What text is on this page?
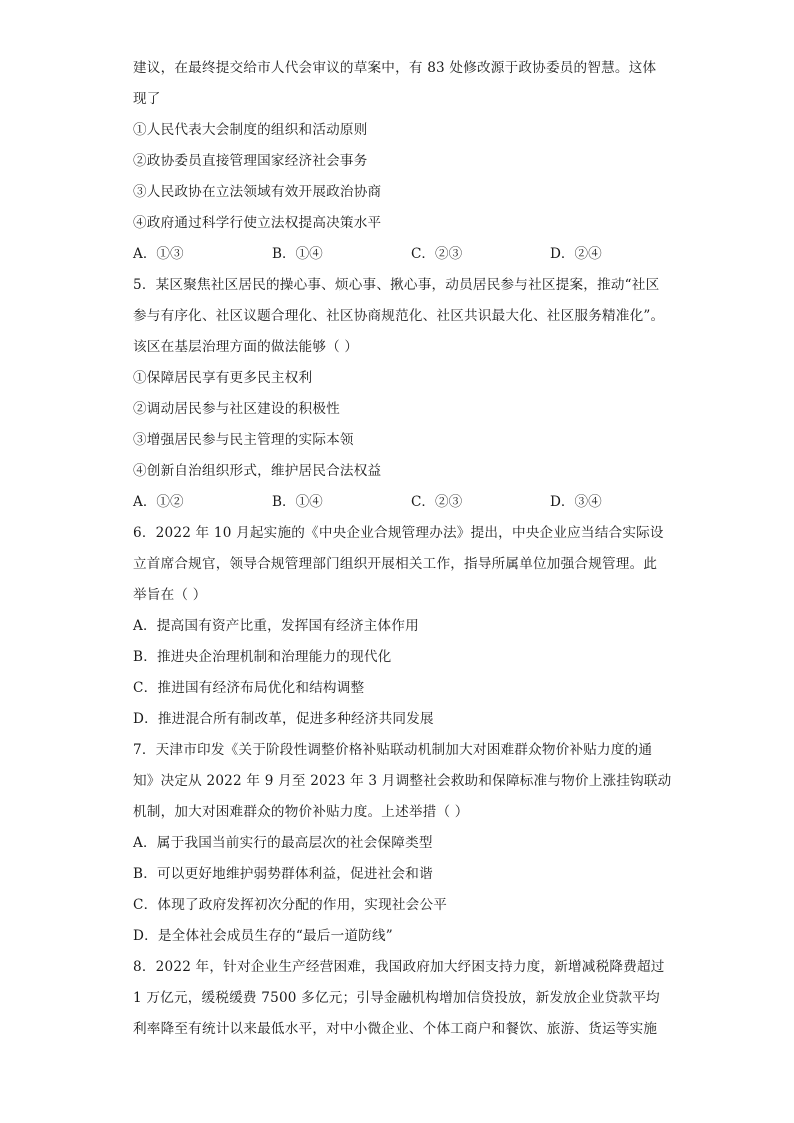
建议，在最终提交给市人代会审议的草案中，有 83 处修改源于政协委员的智慧。这体

现了

①人民代表大会制度的组织和活动原则

②政协委员直接管理国家经济社会事务

③人民政协在立法领域有效开展政治协商

④政府通过科学行使立法权提高决策水平

A．①③	B．①④	C．②③	D．②④

5．某区聚焦社区居民的操心事、烦心事、揪心事，动员居民参与社区提案，推动“社区

参与有序化、社区议题合理化、社区协商规范化、社区共识最大化、社区服务精准化”。

该区在基层治理方面的做法能够（ ）

①保障居民享有更多民主权利

②调动居民参与社区建设的积极性

③增强居民参与民主管理的实际本领

④创新自治组织形式，维护居民合法权益

A．①②	B．①④	C．②③	D．③④

6．2022 年 10 月起实施的《中央企业合规管理办法》提出，中央企业应当结合实际设

立首席合规官，领导合规管理部门组织开展相关工作，指导所属单位加强合规管理。此

举旨在（ ）

A．提高国有资产比重，发挥国有经济主体作用

B．推进央企治理机制和治理能力的现代化

C．推进国有经济布局优化和结构调整

D．推进混合所有制改革，促进多种经济共同发展

7．天津市印发《关于阶段性调整价格补贴联动机制加大对困难群众物价补贴力度的通

知》决定从 2022 年 9 月至 2023 年 3 月调整社会救助和保障标准与物价上涨挂钩联动

机制，加大对困难群众的物价补贴力度。上述举措（ ）

A．属于我国当前实行的最高层次的社会保障类型

B．可以更好地维护弱势群体利益，促进社会和谐

C．体现了政府发挥初次分配的作用，实现社会公平

D．是全体社会成员生存的“最后一道防线”

8．2022 年，针对企业生产经营困难，我国政府加大纾困支持力度，新增减税降费超过

1 万亿元，缓税缓费 7500 多亿元；引导金融机构增加信贷投放，新发放企业贷款平均

利率降至有统计以来最低水平，对中小微企业、个体工商户和餐饮、旅游、货运等实施
